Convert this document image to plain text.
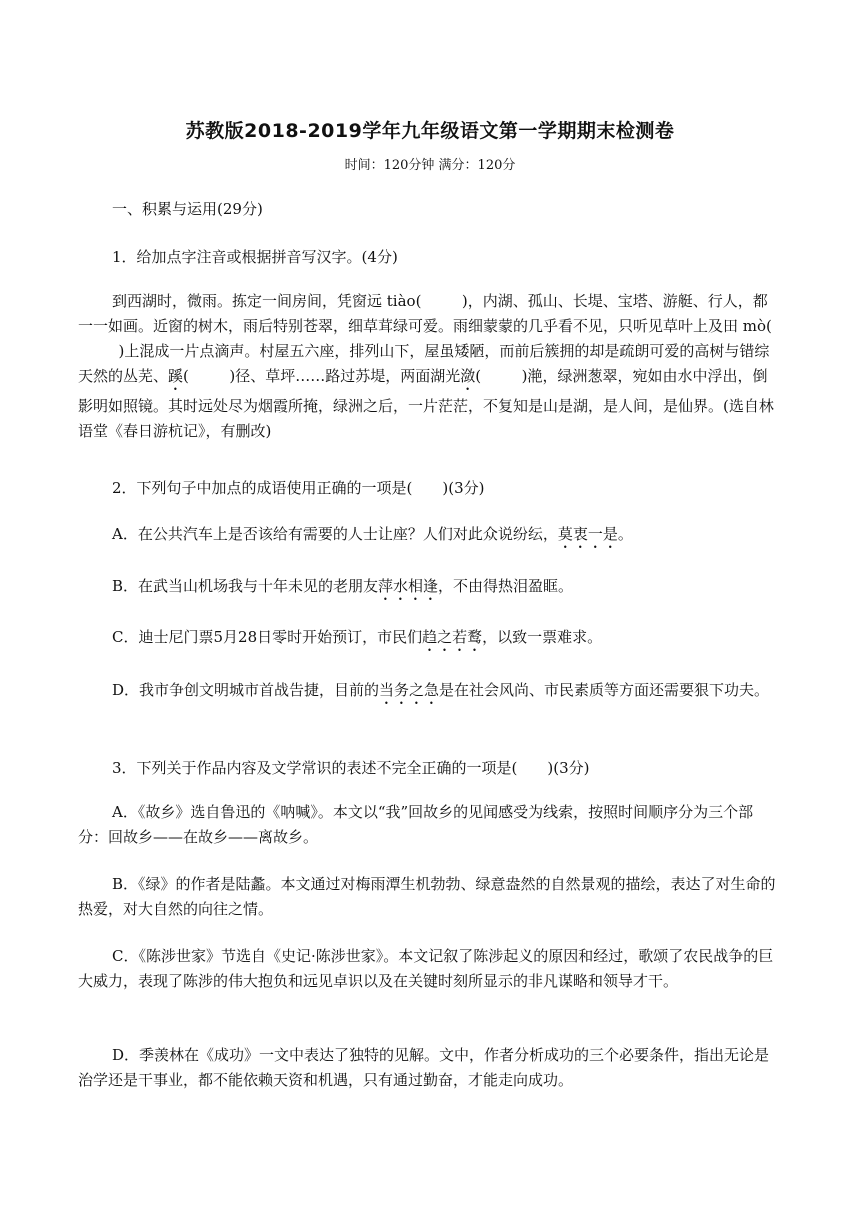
苏教版2018-2019学年九年级语文第一学期期末检测卷
时间：120分钟 满分：120分
一、积累与运用(29分)
1．给加点字注音或根据拼音写汉字。(4分)

到西湖时，微雨。拣定一间房间，凭窗远 tiào(	)，内湖、孤山、长堤、宝塔、游艇、行人，都一一如画。近窗的树木，雨后特别苍翠，细草茸绿可爱。雨细蒙蒙的几乎看不见，只听见草叶上及田 mò()上混成一片点滴声。村屋五六座，排列山下，屋虽矮陋，而前后簇拥的却是疏朗可爱的高树与错综天然的丛芜、蹊(	)径、草坪……路过苏堤，两面湖光潋(	)滟，绿洲葱翠，宛如由水中浮出，倒影明如照镜。其时远处尽为烟霞所掩，绿洲之后，一片茫茫，不复知是山是湖，是人间，是仙界。(选自林语堂《春日游杭记》，有删改)

2．下列句子中加点的成语使用正确的一项是(　　)(3分)
A．在公共汽车上是否该给有需要的人士让座？人们对此众说纷纭，莫衷一是。
B．在武当山机场我与十年未见的老朋友萍水相逢，不由得热泪盈眶。
C．迪士尼门票5月28日零时开始预订，市民们趋之若鹜，以致一票难求。
D．我市争创文明城市首战告捷，目前的当务之急是在社会风尚、市民素质等方面还需要狠下功夫。
3．下列关于作品内容及文学常识的表述不完全正确的一项是(　　)(3分)
A．《故乡》选自鲁迅的《呐喊》。本文以“我”回故乡的见闻感受为线索，按照时间顺序分为三个部分：回故乡——在故乡——离故乡。
B．《绿》的作者是陆蠡。本文通过对梅雨潭生机勃勃、绿意盎然的自然景观的描绘，表达了对生命的热爱，对大自然的向往之情。
C．《陈涉世家》节选自《史记·陈涉世家》。本文记叙了陈涉起义的原因和经过，歌颂了农民战争的巨大威力，表现了陈涉的伟大抱负和远见卓识以及在关键时刻所显示的非凡谋略和领导才干。
D．季羡林在《成功》一文中表达了独特的见解。文中，作者分析成功的三个必要条件，指出无论是治学还是干事业，都不能依赖天资和机遇，只有通过勤奋，才能走向成功。
